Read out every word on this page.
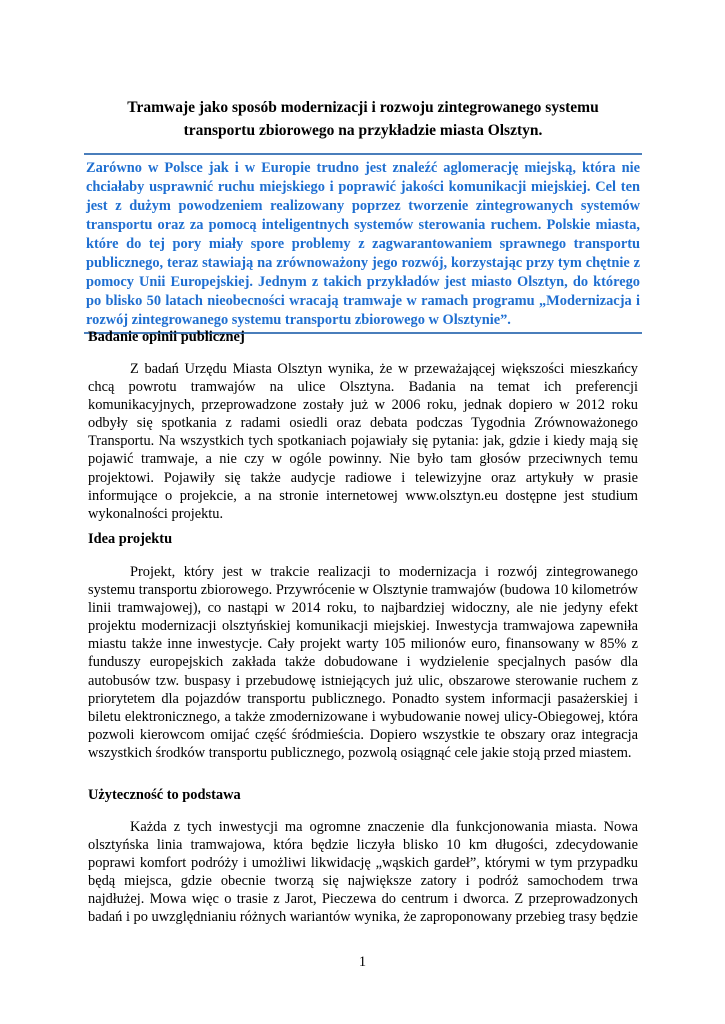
Tramwaje jako sposób modernizacji i rozwoju zintegrowanego systemu
transportu zbiorowego na przykładzie miasta Olsztyn.

Zarówno w Polsce jak i w Europie trudno jest znaleźć aglomerację miejską, która nie chciałaby usprawnić ruchu miejskiego i poprawić jakości komunikacji miejskiej. Cel ten jest z dużym powodzeniem realizowany poprzez tworzenie zintegrowanych systemów transportu oraz za pomocą inteligentnych systemów sterowania ruchem. Polskie miasta, które do tej pory miały spore problemy z zagwarantowaniem sprawnego transportu publicznego, teraz stawiają na zrównoważony jego rozwój, korzystając przy tym chętnie z pomocy Unii Europejskiej. Jednym z takich przykładów jest miasto Olsztyn, do którego po blisko 50 latach nieobecności wracają tramwaje w ramach programu „Modernizacja i rozwój zintegrowanego systemu transportu zbiorowego w Olsztynie”.

Badanie opinii publicznej

Z badań Urzędu Miasta Olsztyn wynika, że w przeważającej większości mieszkańcy chcą powrotu tramwajów na ulice Olsztyna. Badania na temat ich preferencji komunikacyjnych, przeprowadzone zostały już w 2006 roku, jednak dopiero w 2012 roku odbyły się spotkania z radami osiedli oraz debata podczas Tygodnia Zrównoważonego Transportu. Na wszystkich tych spotkaniach pojawiały się pytania: jak, gdzie i kiedy mają się pojawić tramwaje, a nie czy w ogóle powinny. Nie było tam głosów przeciwnych temu projektowi. Pojawiły się także audycje radiowe i telewizyjne oraz artykuły w prasie informujące o projekcie, a na stronie internetowej www.olsztyn.eu dostępne jest studium wykonalności projektu.

Idea projektu

Projekt, który jest w trakcie realizacji to modernizacja i rozwój zintegrowanego systemu transportu zbiorowego. Przywrócenie w Olsztynie tramwajów (budowa 10 kilometrów linii tramwajowej), co nastąpi w 2014 roku, to najbardziej widoczny, ale nie jedyny efekt projektu modernizacji olsztyńskiej komunikacji miejskiej. Inwestycja tramwajowa zapewniła miastu także inne inwestycje. Cały projekt warty 105 milionów euro, finansowany w 85% z funduszy europejskich zakłada także dobudowane i wydzielenie specjalnych pasów dla autobusów tzw. buspasy i przebudowę istniejących już ulic, obszarowe sterowanie ruchem z priorytetem dla pojazdów transportu publicznego. Ponadto system informacji pasażerskiej i biletu elektronicznego, a także zmodernizowane i wybudowanie nowej ulicy-Obiegowej, która pozwoli kierowcom omijać część śródmieścia. Dopiero wszystkie te obszary oraz integracja wszystkich środków transportu publicznego, pozwolą osiągnąć cele jakie stoją przed miastem.

Użyteczność to podstawa

Każda z tych inwestycji ma ogromne znaczenie dla funkcjonowania miasta. Nowa olsztyńska linia tramwajowa, która będzie liczyła blisko 10 km długości, zdecydowanie poprawi komfort podróży i umożliwi likwidację „wąskich gardeł”, którymi w tym przypadku będą miejsca, gdzie obecnie tworzą się największe zatory i podróż samochodem trwa najdłużej. Mowa więc o trasie z Jarot, Pieczewa do centrum i dworca. Z przeprowadzonych badań i po uwzględnianiu różnych wariantów wynika, że zaproponowany przebieg trasy będzie

1
